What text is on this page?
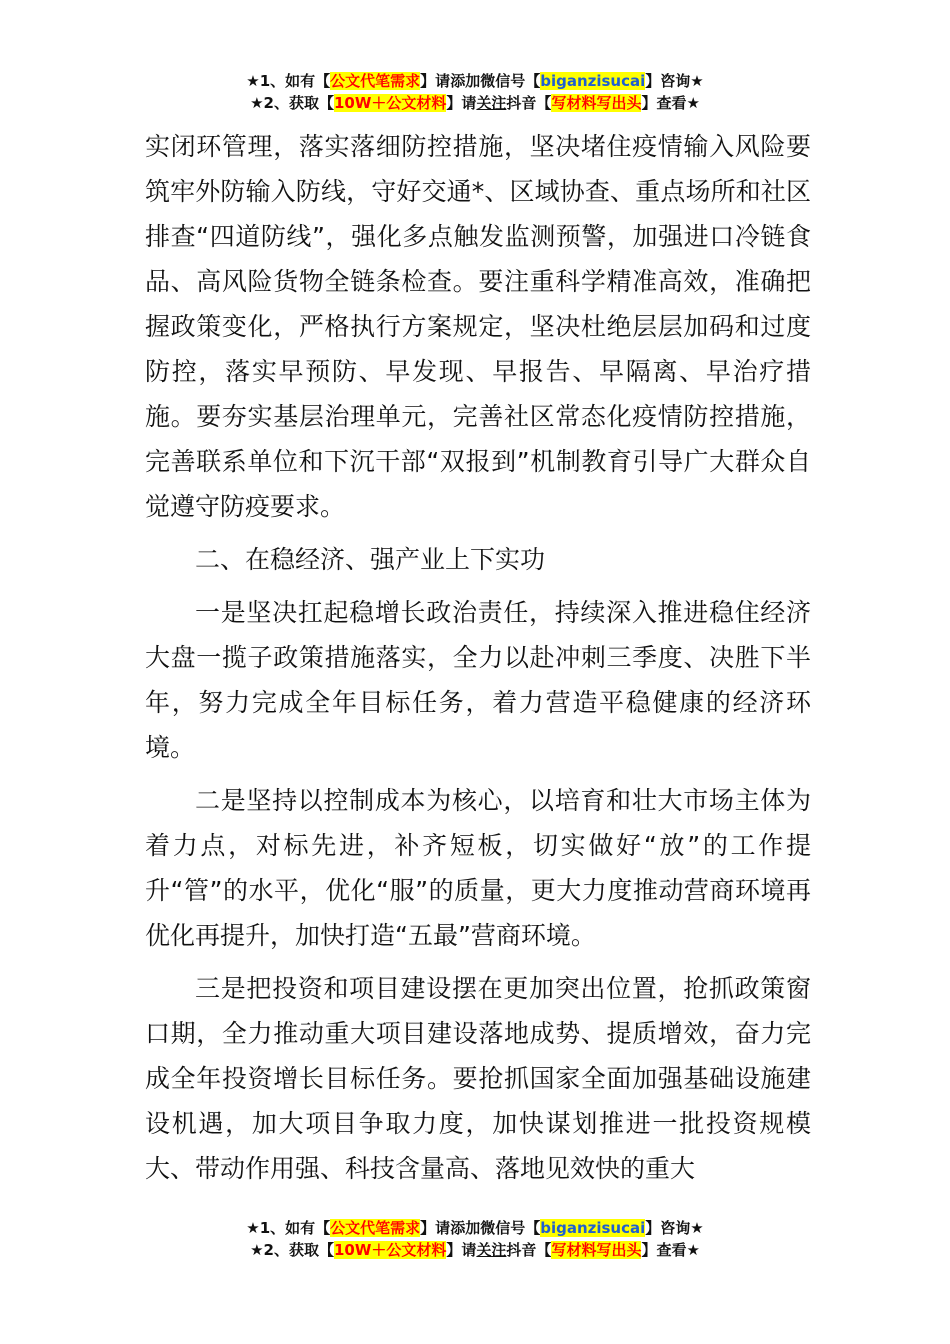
★1、如有【公文代笔需求】请添加微信号【biganzisucai】咨询★
★2、获取【10W＋公文材料】请关注抖音【写材料写出头】查看★

实闭环管理，落实落细防控措施，坚决堵住疫情输入风险要筑牢外防输入防线，守好交通*、区域协查、重点场所和社区排查“四道防线”，强化多点触发监测预警，加强进口冷链食品、高风险货物全链条检查。要注重科学精准高效，准确把握政策变化，严格执行方案规定，坚决杜绝层层加码和过度防控，落实早预防、早发现、早报告、早隔离、早治疗措施。要夯实基层治理单元，完善社区常态化疫情防控措施，完善联系单位和下沉干部“双报到”机制教育引导广大群众自觉遵守防疫要求。

二、在稳经济、强产业上下实功

一是坚决扛起稳增长政治责任，持续深入推进稳住经济大盘一揽子政策措施落实，全力以赴冲刺三季度、决胜下半年，努力完成全年目标任务，着力营造平稳健康的经济环境。

二是坚持以控制成本为核心，以培育和壮大市场主体为着力点，对标先进，补齐短板，切实做好“放”的工作提升“管”的水平，优化“服”的质量，更大力度推动营商环境再优化再提升，加快打造“五最”营商环境。

三是把投资和项目建设摆在更加突出位置，抢抓政策窗口期，全力推动重大项目建设落地成势、提质增效，奋力完成全年投资增长目标任务。要抢抓国家全面加强基础设施建设机遇，加大项目争取力度，加快谋划推进一批投资规模大、带动作用强、科技含量高、落地见效快的重大

★1、如有【公文代笔需求】请添加微信号【biganzisucai】咨询★
★2、获取【10W＋公文材料】请关注抖音【写材料写出头】查看★
